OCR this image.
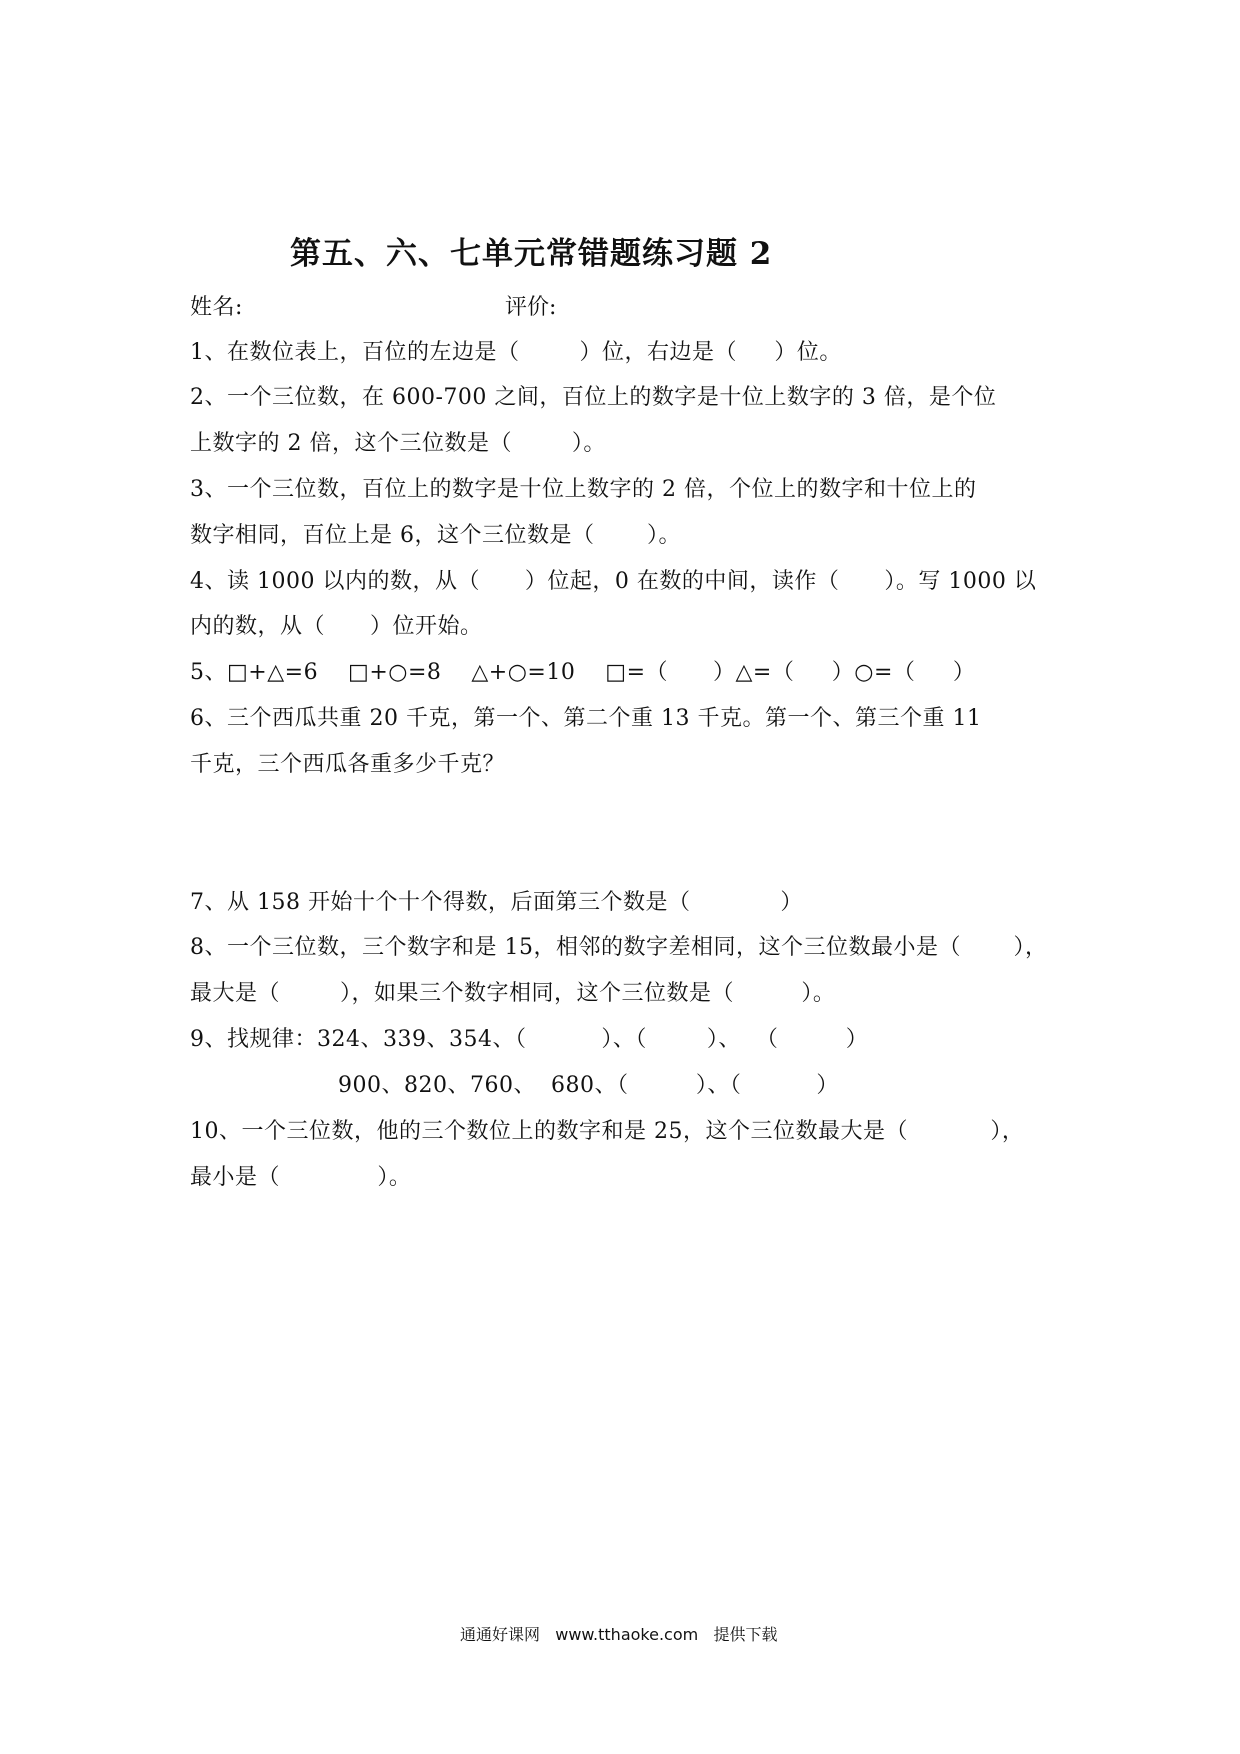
第五、六、七单元常错题练习题 2
姓名:	评价:
1、在数位表上，百位的左边是（        ）位，右边是（     ）位。
2、一个三位数，在 600-700 之间，百位上的数字是十位上数字的 3 倍，是个位
上数字的 2 倍，这个三位数是（        ）。
3、一个三位数，百位上的数字是十位上数字的 2 倍，个位上的数字和十位上的
数字相同，百位上是 6，这个三位数是（       ）。
4、读 1000 以内的数，从（      ）位起，0 在数的中间，读作（      ）。写 1000 以
内的数，从（      ）位开始。
5、□+△=6    □+○=8    △+○=10    □=（      ）△=（     ）○=（     ）
6、三个西瓜共重 20 千克，第一个、第二个重 13 千克。第一个、第三个重 11
千克，三个西瓜各重多少千克？
7、从 158 开始十个十个得数，后面第三个数是（            ）
8、一个三位数，三个数字和是 15，相邻的数字差相同，这个三位数最小是（       ），
最大是（        ），如果三个数字相同，这个三位数是（         ）。
9、找规律：324、339、354、（          ）、（        ）、  （         ）
900、820、760、  680、（         ）、（          ）
10、一个三位数，他的三个数位上的数字和是 25，这个三位数最大是（           ），
最小是（             ）。
通通好课网   www.tthaoke.com   提供下载
